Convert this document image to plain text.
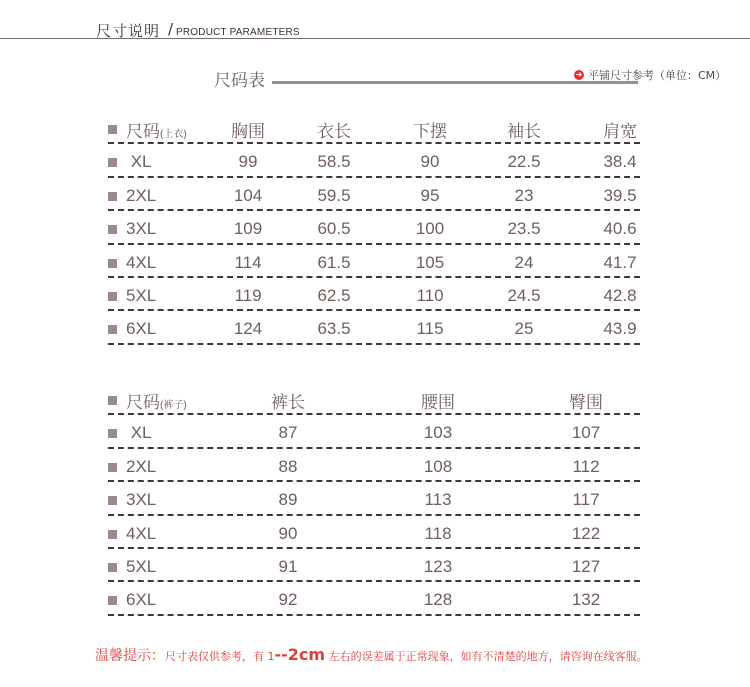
尺寸说明 / PRODUCT PARAMETERS
尺码表	➜ 平铺尺寸参考（单位：CM）
尺码(上衣)	胸围	衣长	下摆	袖长	肩宽
XL	99	58.5	90	22.5	38.4
2XL	104	59.5	95	23	39.5
3XL	109	60.5	100	23.5	40.6
4XL	114	61.5	105	24	41.7
5XL	119	62.5	110	24.5	42.8
6XL	124	63.5	115	25	43.9
尺码(裤子)	裤长	腰围	臀围
XL	87	103	107
2XL	88	108	112
3XL	89	113	117
4XL	90	118	122
5XL	91	123	127
6XL	92	128	132
温馨提示：尺寸表仅供参考，有 1--2cm 左右的误差属于正常现象，如有不清楚的地方，请咨询在线客服。
